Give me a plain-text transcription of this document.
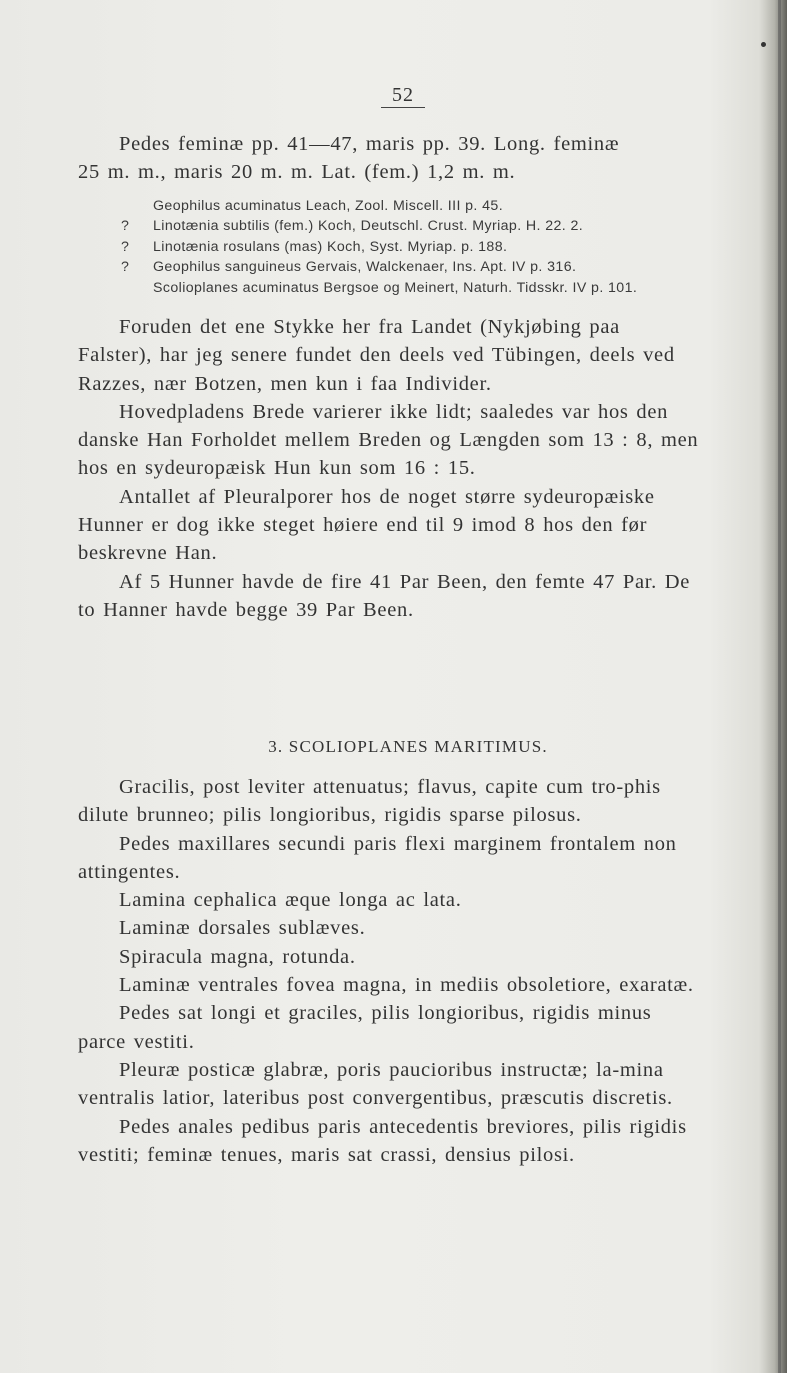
52

Pedes feminæ pp. 41—47, maris pp. 39. Long. feminæ

25 m. m., maris 20 m. m. Lat. (fem.) 1,2 m. m.

Geophilus acuminatus Leach, Zool. Miscell. III p. 45.

? Linotænia subtilis (fem.) Koch, Deutschl. Crust. Myriap. H. 22. 2.

? Linotænia rosulans (mas) Koch, Syst. Myriap. p. 188.

? Geophilus sanguineus Gervais, Walckenaer, Ins. Apt. IV p. 316.

Scolioplanes acuminatus Bergsoe og Meinert, Naturh. Tidsskr. IV p. 101.

Foruden det ene Stykke her fra Landet (Nykjøbing paa Falster), har jeg senere fundet den deels ved Tübingen, deels ved Razzes, nær Botzen, men kun i faa Individer.

Hovedpladens Brede varierer ikke lidt; saaledes var hos den danske Han Forholdet mellem Breden og Længden som 13 : 8, men hos en sydeuropæisk Hun kun som 16 : 15.

Antallet af Pleuralporer hos de noget større sydeuropæiske Hunner er dog ikke steget høiere end til 9 imod 8 hos den før beskrevne Han.

Af 5 Hunner havde de fire 41 Par Been, den femte 47 Par. De to Hanner havde begge 39 Par Been.

3. SCOLIOPLANES MARITIMUS.

Gracilis, post leviter attenuatus; flavus, capite cum tro-phis dilute brunneo; pilis longioribus, rigidis sparse pilosus.

Pedes maxillares secundi paris flexi marginem frontalem non attingentes.

Lamina cephalica æque longa ac lata.

Laminæ dorsales sublæves.

Spiracula magna, rotunda.

Laminæ ventrales fovea magna, in mediis obsoletiore, exaratæ.

Pedes sat longi et graciles, pilis longioribus, rigidis minus parce vestiti.

Pleuræ posticæ glabræ, poris paucioribus instructæ; la-mina ventralis latior, lateribus post convergentibus, præscutis discretis.

Pedes anales pedibus paris antecedentis breviores, pilis rigidis vestiti; feminæ tenues, maris sat crassi, densius pilosi.
